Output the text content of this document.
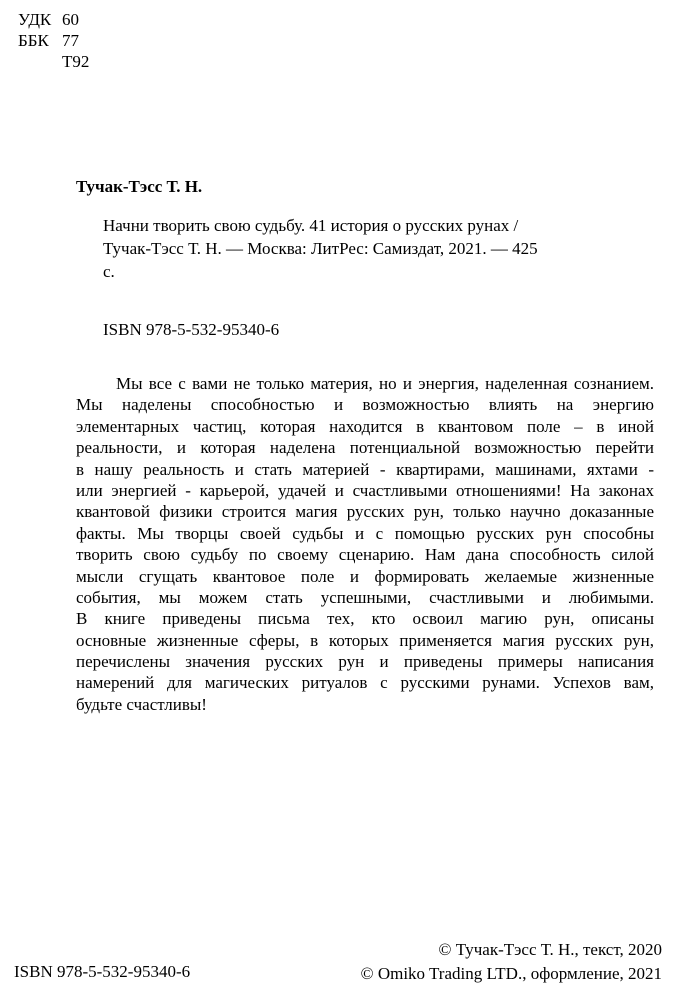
УДК 60
ББК 77
Т92
Тучак-Тэсс Т. Н.
Начни творить свою судьбу. 41 история о русских рунах /
Тучак-Тэсс Т. Н. — Москва: ЛитРес: Самиздат, 2021. — 425
с.
ISBN 978-5-532-95340-6
Мы все с вами не только материя, но и энергия, наделенная сознанием.
Мы наделены способностью и возможностью влиять на энергию
элементарных частиц, которая находится в квантовом поле – в иной
реальности, и которая наделена потенциальной возможностью перейти
в нашу реальность и стать материей - квартирами, машинами, яхтами -
или энергией - карьерой, удачей и счастливыми отношениями! На законах
квантовой физики строится магия русских рун, только научно доказанные
факты. Мы творцы своей судьбы и с помощью русских рун способны
творить свою судьбу по своему сценарию. Нам дана способность силой
мысли сгущать квантовое поле и формировать желаемые жизненные
события, мы можем стать успешными, счастливыми и любимыми.
В книге приведены письма тех, кто освоил магию рун, описаны
основные жизненные сферы, в которых применяется магия русских рун,
перечислены значения русских рун и приведены примеры написания
намерений для магических ритуалов с русскими рунами. Успехов вам,
будьте счастливы!
ISBN 978-5-532-95340-6
© Тучак-Тэсс Т. Н., текст, 2020
© Omiko Trading LTD., оформление, 2021
